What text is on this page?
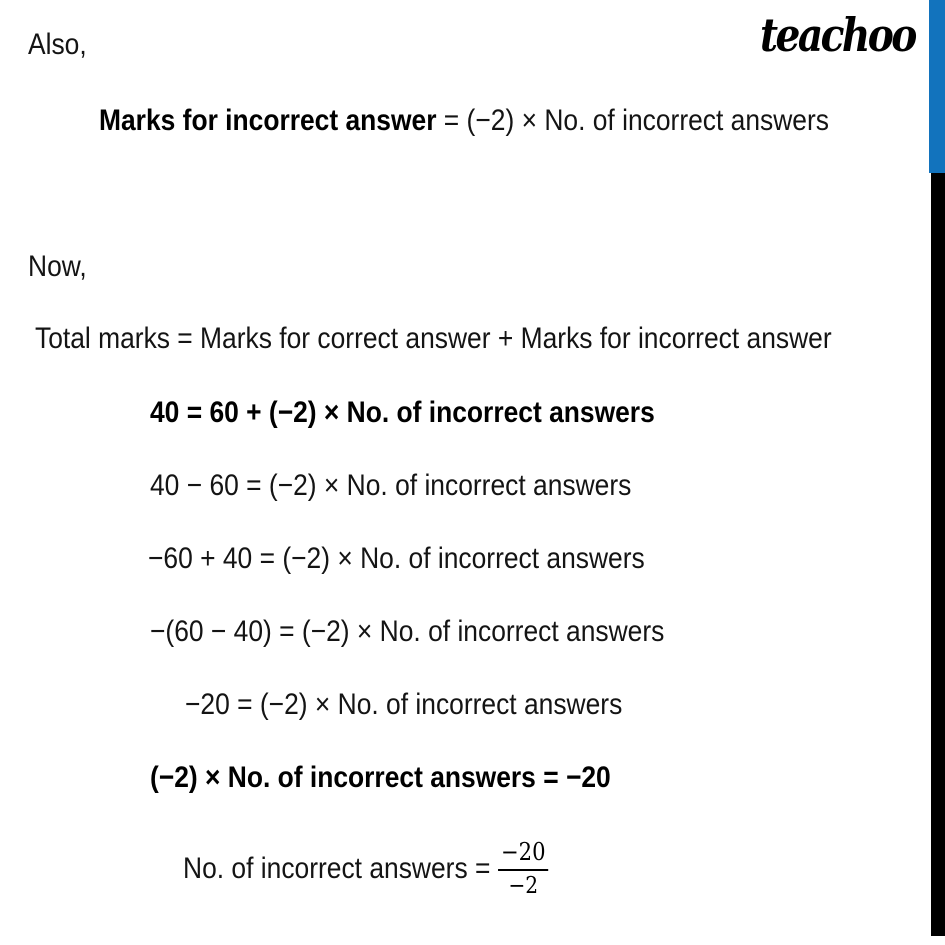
teachoo
Also,
Marks for incorrect answer = (−2) × No. of incorrect answers
Now,
Total marks = Marks for correct answer + Marks for incorrect answer
40 = 60 + (−2) × No. of incorrect answers
40 − 60 = (−2) × No. of incorrect answers
−60 + 40 = (−2) × No. of incorrect answers
−(60 − 40) = (−2) × No. of incorrect answers
−20 = (−2) × No. of incorrect answers
(−2) × No. of incorrect answers = −20
No. of incorrect answers = $\frac{-20}{-2}$
